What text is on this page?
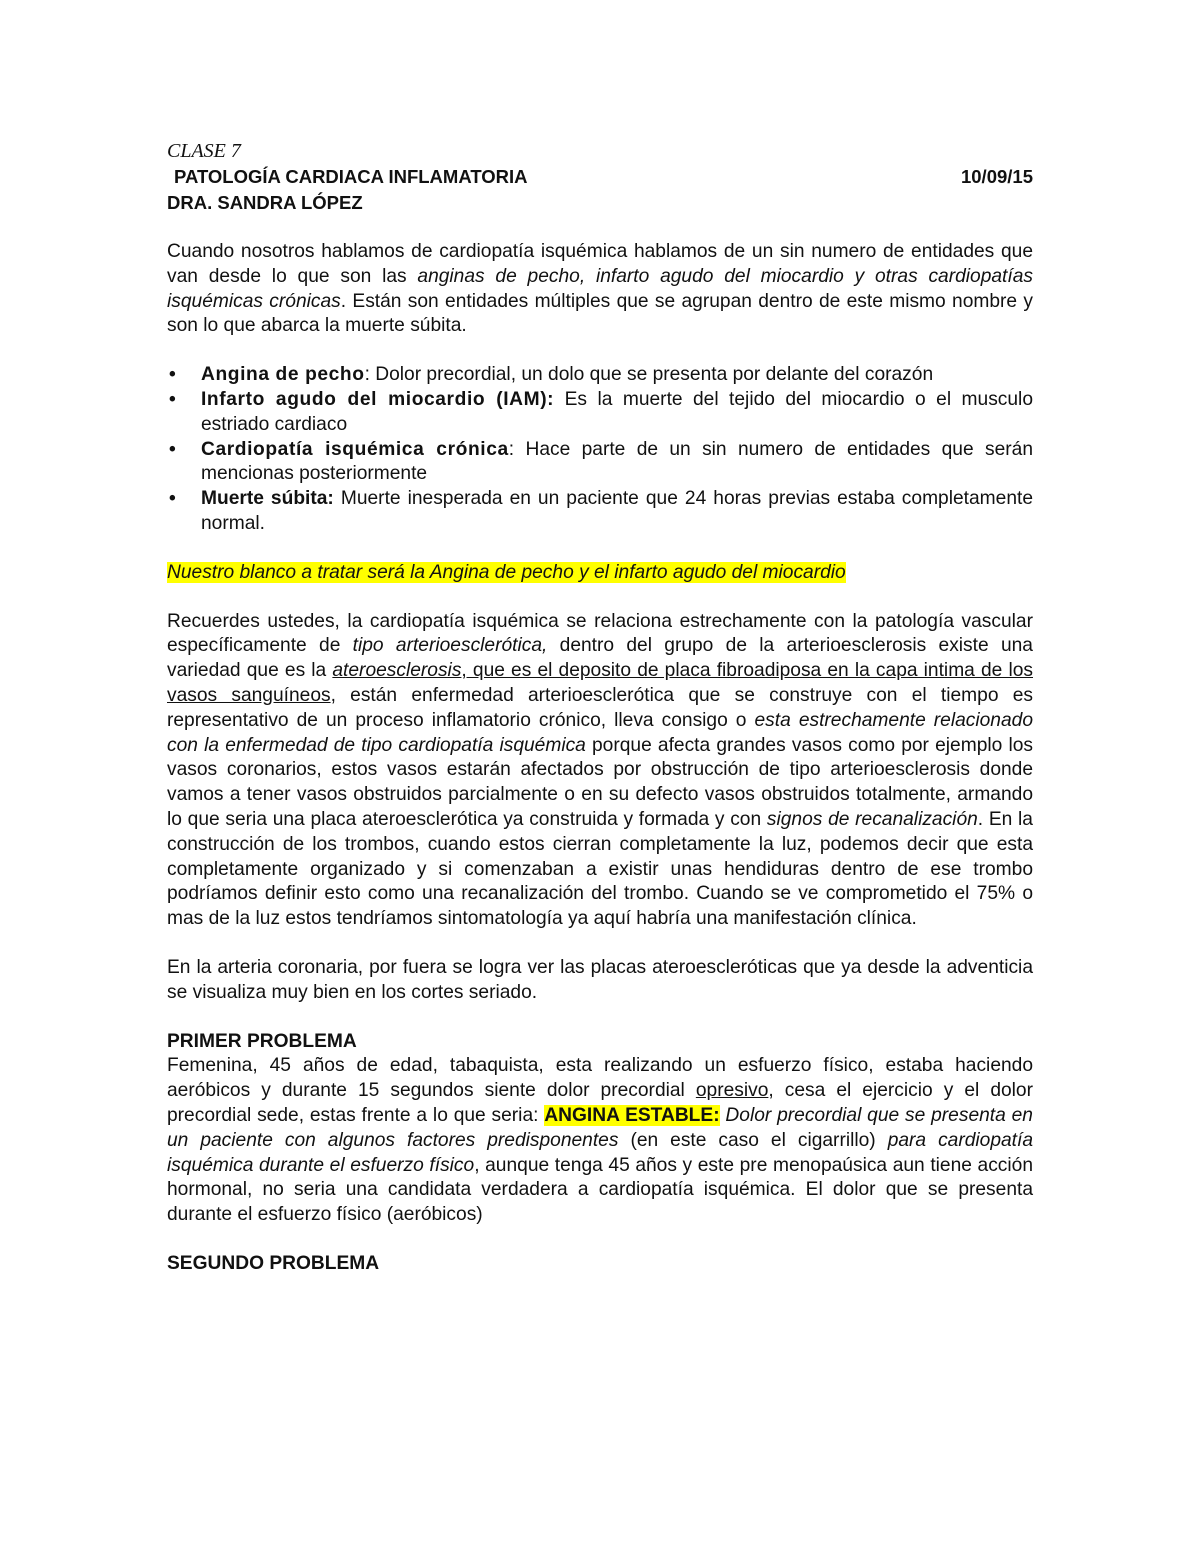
CLASE 7
PATOLOGÍA CARDIACA INFLAMATORIA	10/09/15
DRA. SANDRA LÓPEZ

Cuando nosotros hablamos de cardiopatía isquémica hablamos de un sin numero de entidades que van desde lo que son las anginas de pecho, infarto agudo del miocardio y otras cardiopatías isquémicas crónicas. Están son entidades múltiples que se agrupan dentro de este mismo nombre y son lo que abarca la muerte súbita.

• Angina de pecho: Dolor precordial, un dolo que se presenta por delante del corazón
• Infarto agudo del miocardio (IAM): Es la muerte del tejido del miocardio o el musculo estriado cardiaco
• Cardiopatía isquémica crónica: Hace parte de un sin numero de entidades que serán mencionas posteriormente
• Muerte súbita: Muerte inesperada en un paciente que 24 horas previas estaba completamente normal.

Nuestro blanco a tratar será la Angina de pecho y el infarto agudo del miocardio

Recuerdes ustedes, la cardiopatía isquémica se relaciona estrechamente con la patología vascular específicamente de tipo arterioesclerótica, dentro del grupo de la arterioesclerosis existe una variedad que es la ateroesclerosis, que es el deposito de placa fibroadiposa en la capa intima de los vasos sanguíneos, están enfermedad arterioesclerótica que se construye con el tiempo es representativo de un proceso inflamatorio crónico, lleva consigo o esta estrechamente relacionado con la enfermedad de tipo cardiopatía isquémica porque afecta grandes vasos como por ejemplo los vasos coronarios, estos vasos estarán afectados por obstrucción de tipo arterioesclerosis donde vamos a tener vasos obstruidos parcialmente o en su defecto vasos obstruidos totalmente, armando lo que seria una placa ateroesclerótica ya construida y formada y con signos de recanalización. En la construcción de los trombos, cuando estos cierran completamente la luz, podemos decir que esta completamente organizado y si comenzaban a existir unas hendiduras dentro de ese trombo podríamos definir esto como una recanalización del trombo. Cuando se ve comprometido el 75% o mas de la luz estos tendríamos sintomatología ya aquí habría una manifestación clínica.

En la arteria coronaria, por fuera se logra ver las placas ateroescleróticas que ya desde la adventicia se visualiza muy bien en los cortes seriado.

PRIMER PROBLEMA

Femenina, 45 años de edad, tabaquista, esta realizando un esfuerzo físico, estaba haciendo aeróbicos y durante 15 segundos siente dolor precordial opresivo, cesa el ejercicio y el dolor precordial sede, estas frente a lo que seria: ANGINA ESTABLE: Dolor precordial que se presenta en un paciente con algunos factores predisponentes (en este caso el cigarrillo) para cardiopatía isquémica durante el esfuerzo físico, aunque tenga 45 años y este pre menopaúsica aun tiene acción hormonal, no seria una candidata verdadera a cardiopatía isquémica. El dolor que se presenta durante el esfuerzo físico (aeróbicos)

SEGUNDO PROBLEMA
